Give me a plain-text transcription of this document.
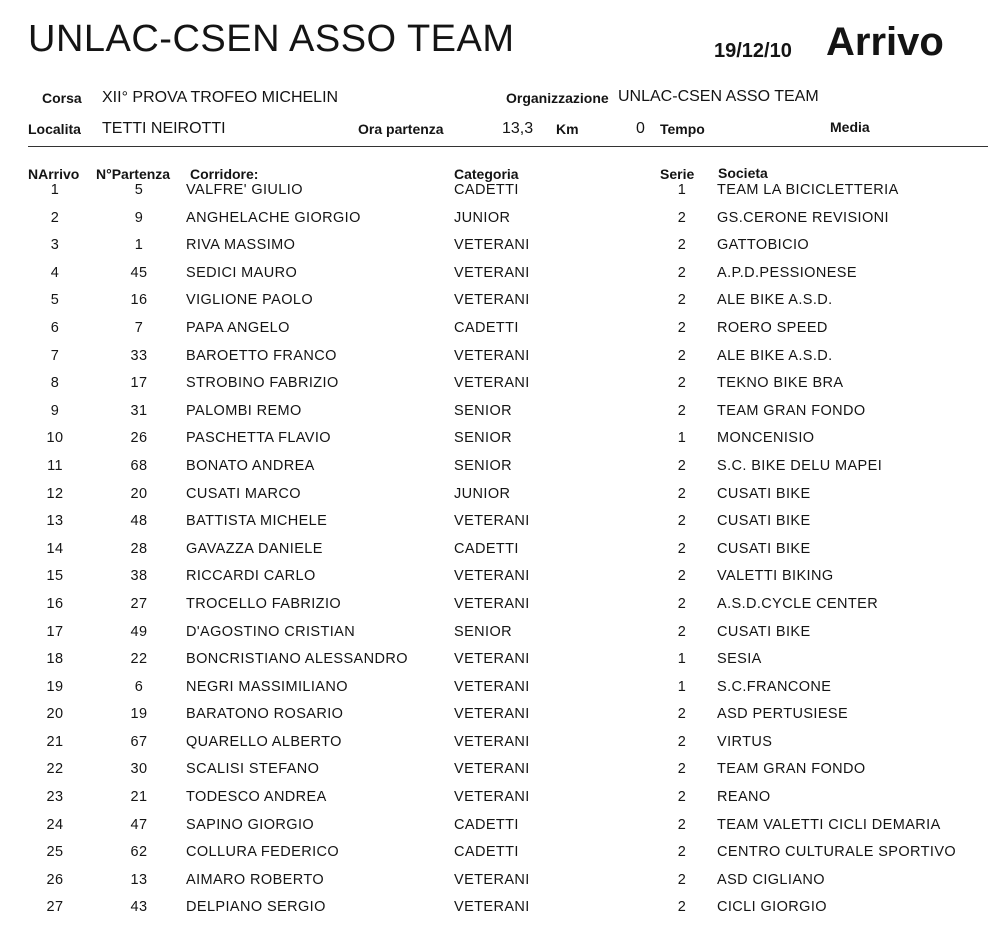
UNLAC-CSEN ASSO TEAM	19/12/10 Arrivo
Corsa XII° PROVA TROFEO MICHELIN	Organizzazione UNLAC-CSEN ASSO TEAM
Localita TETTI NEIROTTI	Ora partenza	13,3 Km	0 Tempo	Media
NArrivo N°Partenza Corridore:	Categoria	Serie Societa
1	5	VALFRE' GIULIO	CADETTI	1	TEAM LA BICICLETTERIA
2	9	ANGHELACHE GIORGIO	JUNIOR	2	GS.CERONE REVISIONI
3	1	RIVA MASSIMO	VETERANI	2	GATTOBICIO
4	45	SEDICI MAURO	VETERANI	2	A.P.D.PESSIONESE
5	16	VIGLIONE PAOLO	VETERANI	2	ALE BIKE A.S.D.
6	7	PAPA ANGELO	CADETTI	2	ROERO SPEED
7	33	BAROETTO FRANCO	VETERANI	2	ALE BIKE A.S.D.
8	17	STROBINO FABRIZIO	VETERANI	2	TEKNO BIKE BRA
9	31	PALOMBI REMO	SENIOR	2	TEAM GRAN FONDO
10	26	PASCHETTA FLAVIO	SENIOR	1	MONCENISIO
11	68	BONATO ANDREA	SENIOR	2	S.C. BIKE DELU MAPEI
12	20	CUSATI MARCO	JUNIOR	2	CUSATI BIKE
13	48	BATTISTA MICHELE	VETERANI	2	CUSATI BIKE
14	28	GAVAZZA DANIELE	CADETTI	2	CUSATI BIKE
15	38	RICCARDI CARLO	VETERANI	2	VALETTI BIKING
16	27	TROCELLO FABRIZIO	VETERANI	2	A.S.D.CYCLE CENTER
17	49	D'AGOSTINO CRISTIAN	SENIOR	2	CUSATI BIKE
18	22	BONCRISTIANO ALESSANDRO	VETERANI	1	SESIA
19	6	NEGRI MASSIMILIANO	VETERANI	1	S.C.FRANCONE
20	19	BARATONO ROSARIO	VETERANI	2	ASD PERTUSIESE
21	67	QUARELLO ALBERTO	VETERANI	2	VIRTUS
22	30	SCALISI STEFANO	VETERANI	2	TEAM GRAN FONDO
23	21	TODESCO ANDREA	VETERANI	2	REANO
24	47	SAPINO GIORGIO	CADETTI	2	TEAM VALETTI CICLI DEMARIA
25	62	COLLURA FEDERICO	CADETTI	2	CENTRO CULTURALE SPORTIVO
26	13	AIMARO ROBERTO	VETERANI	2	ASD CIGLIANO
27	43	DELPIANO SERGIO	VETERANI	2	CICLI GIORGIO
